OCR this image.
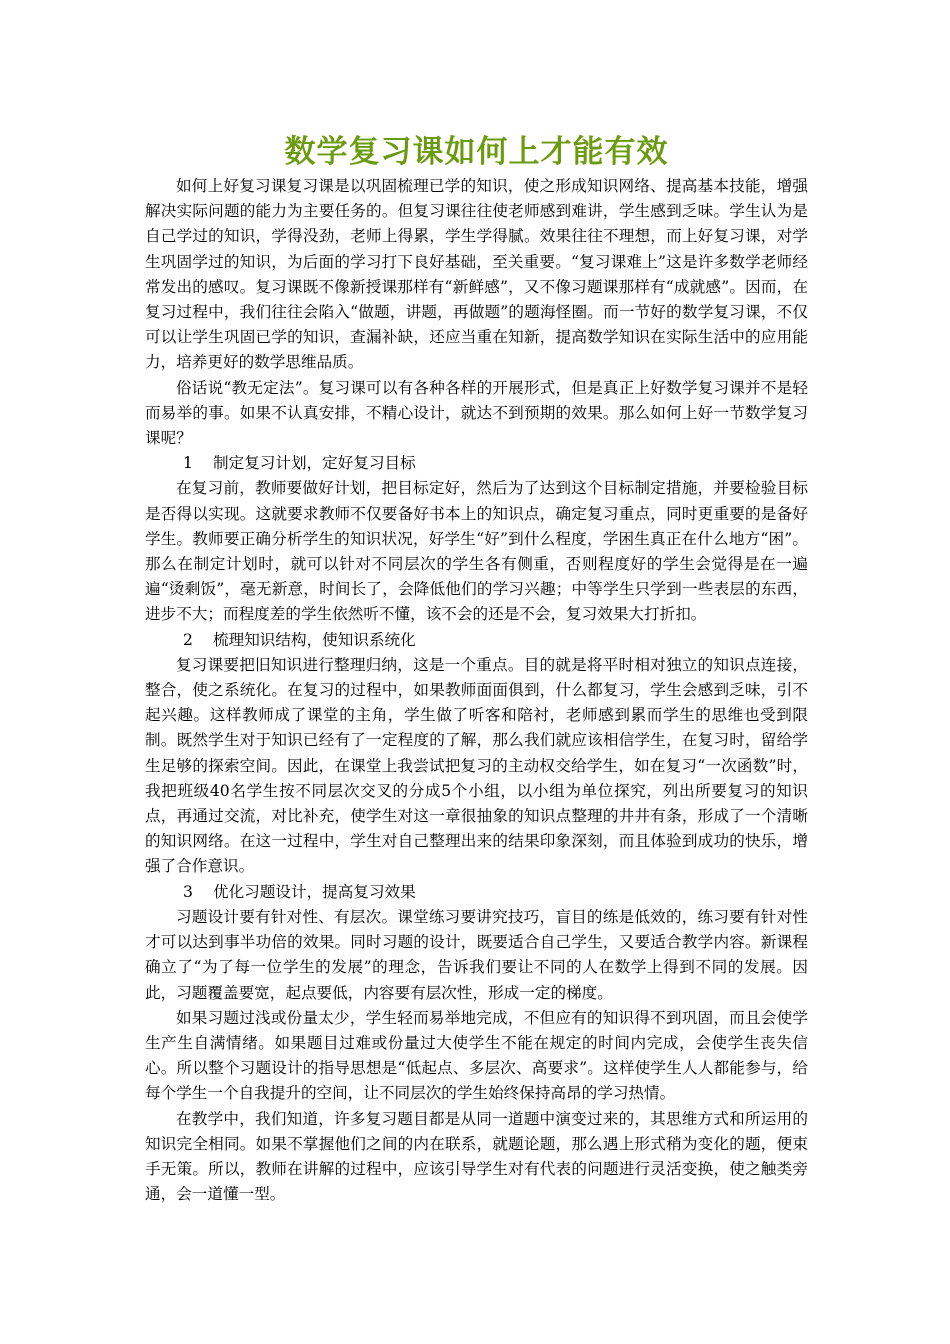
数学复习课如何上才能有效

如何上好复习课复习课是以巩固梳理已学的知识，使之形成知识网络、提高基本技能，增强解决实际问题的能力为主要任务的。但复习课往往使老师感到难讲，学生感到乏味。学生认为是自己学过的知识，学得没劲，老师上得累，学生学得腻。效果往往不理想，而上好复习课，对学生巩固学过的知识，为后面的学习打下良好基础，至关重要。“复习课难上”这是许多数学老师经常发出的感叹。复习课既不像新授课那样有“新鲜感”，又不像习题课那样有“成就感”。因而，在复习过程中，我们往往会陷入“做题，讲题，再做题”的题海怪圈。而一节好的数学复习课，不仅可以让学生巩固已学的知识，查漏补缺，还应当重在知新，提高数学知识在实际生活中的应用能力，培养更好的数学思维品质。

俗话说“教无定法”。复习课可以有各种各样的开展形式，但是真正上好数学复习课并不是轻而易举的事。如果不认真安排，不精心设计，就达不到预期的效果。那么如何上好一节数学复习课呢？

1 制定复习计划，定好复习目标

在复习前，教师要做好计划，把目标定好，然后为了达到这个目标制定措施，并要检验目标是否得以实现。这就要求教师不仅要备好书本上的知识点，确定复习重点，同时更重要的是备好学生。教师要正确分析学生的知识状况，好学生“好”到什么程度，学困生真正在什么地方“困”。那么在制定计划时，就可以针对不同层次的学生各有侧重，否则程度好的学生会觉得是在一遍遍“烫剩饭”，毫无新意，时间长了，会降低他们的学习兴趣；中等学生只学到一些表层的东西，进步不大；而程度差的学生依然听不懂，该不会的还是不会，复习效果大打折扣。

2 梳理知识结构，使知识系统化

复习课要把旧知识进行整理归纳，这是一个重点。目的就是将平时相对独立的知识点连接，整合，使之系统化。在复习的过程中，如果教师面面俱到，什么都复习，学生会感到乏味，引不起兴趣。这样教师成了课堂的主角，学生做了听客和陪衬，老师感到累而学生的思维也受到限制。既然学生对于知识已经有了一定程度的了解，那么我们就应该相信学生，在复习时，留给学生足够的探索空间。因此，在课堂上我尝试把复习的主动权交给学生，如在复习“一次函数”时，我把班级40名学生按不同层次交叉的分成5个小组，以小组为单位探究，列出所要复习的知识点，再通过交流，对比补充，使学生对这一章很抽象的知识点整理的井井有条，形成了一个清晰的知识网络。在这一过程中，学生对自己整理出来的结果印象深刻，而且体验到成功的快乐，增强了合作意识。

3 优化习题设计，提高复习效果

习题设计要有针对性、有层次。课堂练习要讲究技巧，盲目的练是低效的，练习要有针对性才可以达到事半功倍的效果。同时习题的设计，既要适合自己学生，又要适合教学内容。新课程确立了“为了每一位学生的发展”的理念，告诉我们要让不同的人在数学上得到不同的发展。因此，习题覆盖要宽，起点要低，内容要有层次性，形成一定的梯度。

如果习题过浅或份量太少，学生轻而易举地完成，不但应有的知识得不到巩固，而且会使学生产生自满情绪。如果题目过难或份量过大使学生不能在规定的时间内完成，会使学生丧失信心。所以整个习题设计的指导思想是“低起点、多层次、高要求”。这样使学生人人都能参与，给每个学生一个自我提升的空间，让不同层次的学生始终保持高昂的学习热情。

在教学中，我们知道，许多复习题目都是从同一道题中演变过来的，其思维方式和所运用的知识完全相同。如果不掌握他们之间的内在联系，就题论题，那么遇上形式稍为变化的题，便束手无策。所以，教师在讲解的过程中，应该引导学生对有代表的问题进行灵活变换，使之触类旁通，会一道懂一型。
